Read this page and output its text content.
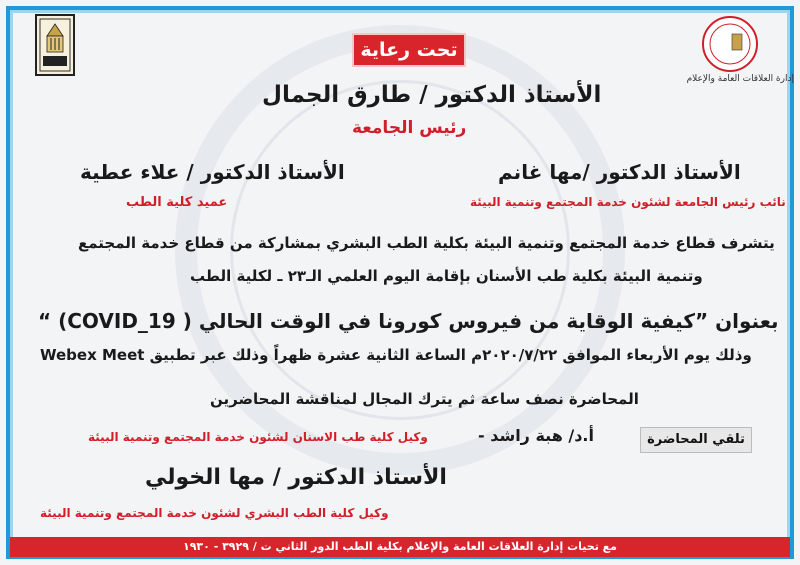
إدارة العلاقات العامة والإعلام
تحت رعاية
الأستاذ الدكتور / طارق الجمال
رئيس الجامعة
الأستاذ الدكتور /مها غانم
نائب رئيس الجامعة لشئون خدمة المجتمع وتنمية البيئة
الأستاذ الدكتور / علاء عطية
عميد كلية الطب
يتشرف قطاع خدمة المجتمع وتنمية البيئة بكلية الطب البشري بمشاركة من قطاع خدمة المجتمع
وتنمية البيئة بكلية طب الأسنان بإقامة اليوم العلمي الـ٢٣ ـ لكلية الطب
بعنوان ”كيفية الوقاية من فيروس كورونا في الوقت الحالي ( COVID_19) “
وذلك يوم الأربعاء الموافق ٢٠٢٠/٧/٢٢م الساعة الثانية عشرة ظهراً وذلك عبر تطبيق Webex Meet
المحاضرة نصف ساعة ثم يترك المجال لمناقشة المحاضرين
تلقي المحاضرة
أ.د/ هبة راشد -
وكيل كلية طب الاسنان لشئون خدمة المجتمع وتنمية البيئة
الأستاذ الدكتور / مها الخولي
وكيل كلية الطب البشري لشئون خدمة المجتمع وتنمية البيئة
مع تحيات إدارة العلاقات العامة والإعلام بكلية الطب الدور الثاني ت / ٣٩٢٩ - ١٩٣٠
